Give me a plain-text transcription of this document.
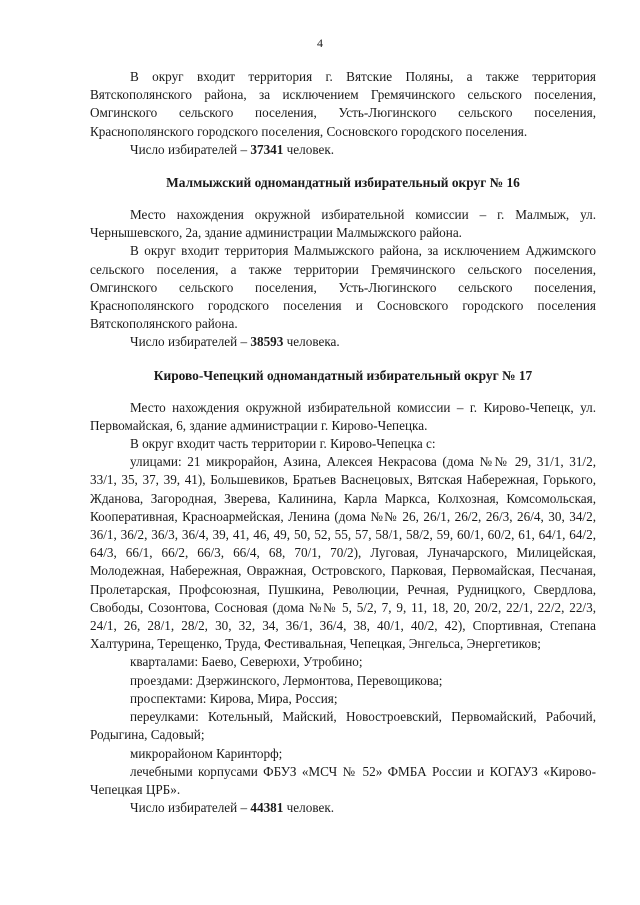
4

В округ входит территория г. Вятские Поляны, а также территория Вятскополянского района, за исключением Гремячинского сельского поселения, Омгинского сельского поселения, Усть-Люгинского сельского поселения, Краснополянского городского поселения, Сосновского городского поселения.

Число избирателей – 37341 человек.

Малмыжский одномандатный избирательный округ № 16

Место нахождения окружной избирательной комиссии – г. Малмыж, ул. Чернышевского, 2а, здание администрации Малмыжского района.

В округ входит территория Малмыжского района, за исключением Аджимского сельского поселения, а также территории Гремячинского сельского поселения, Омгинского сельского поселения, Усть-Люгинского сельского поселения, Краснополянского городского поселения и Сосновского городского поселения Вятскополянского района.

Число избирателей – 38593 человека.

Кирово-Чепецкий одномандатный избирательный округ № 17

Место нахождения окружной избирательной комиссии – г. Кирово-Чепецк, ул. Первомайская, 6, здание администрации г. Кирово-Чепецка.

В округ входит часть территории г. Кирово-Чепецка с:

улицами: 21 микрорайон, Азина, Алексея Некрасова (дома №№ 29, 31/1, 31/2, 33/1, 35, 37, 39, 41), Большевиков, Братьев Васнецовых, Вятская Набережная, Горького, Жданова, Загородная, Зверева, Калинина, Карла Маркса, Колхозная, Комсомольская, Кооперативная, Красноармейская, Ленина (дома №№ 26, 26/1, 26/2, 26/3, 26/4, 30, 34/2, 36/1, 36/2, 36/3, 36/4, 39, 41, 46, 49, 50, 52, 55, 57, 58/1, 58/2, 59, 60/1, 60/2, 61, 64/1, 64/2, 64/3, 66/1, 66/2, 66/3, 66/4, 68, 70/1, 70/2), Луговая, Луначарского, Милицейская, Молодежная, Набережная, Овражная, Островского, Парковая, Первомайская, Песчаная, Пролетарская, Профсоюзная, Пушкина, Революции, Речная, Рудницкого, Свердлова, Свободы, Созонтова, Сосновая (дома №№ 5, 5/2, 7, 9, 11, 18, 20, 20/2, 22/1, 22/2, 22/3, 24/1, 26, 28/1, 28/2, 30, 32, 34, 36/1, 36/4, 38, 40/1, 40/2, 42), Спортивная, Степана Халтурина, Терещенко, Труда, Фестивальная, Чепецкая, Энгельса, Энергетиков;

кварталами: Баево, Северюхи, Утробино;

проездами: Дзержинского, Лермонтова, Перевощикова;

проспектами: Кирова, Мира, Россия;

переулками: Котельный, Майский, Новостроевский, Первомайский, Рабочий, Родыгина, Садовый;

микрорайоном Каринторф;

лечебными корпусами ФБУЗ «МСЧ № 52» ФМБА России и КОГАУЗ «Кирово-Чепецкая ЦРБ».

Число избирателей – 44381 человек.
